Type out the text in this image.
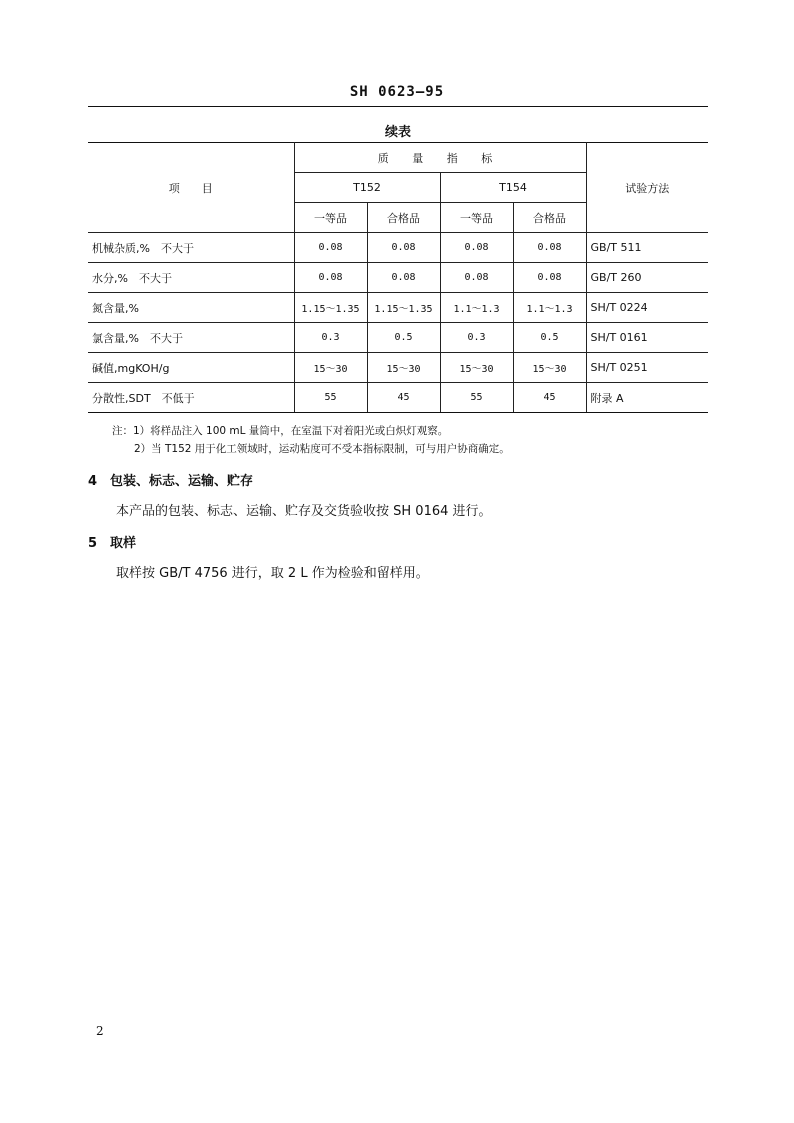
SH 0623—95
续表
项　　目	质 量 指 标				试验方法
	T152		T154		
	一等品	合格品	一等品	合格品	
机械杂质,%　不大于	0.08	0.08	0.08	0.08	GB/T 511
水分,%　不大于	0.08	0.08	0.08	0.08	GB/T 260
氮含量,%	1.15～1.35	1.15～1.35	1.1～1.3	1.1～1.3	SH/T 0224
氯含量,%　不大于	0.3	0.5	0.3	0.5	SH/T 0161
碱值,mgKOH/g	15～30	15～30	15～30	15～30	SH/T 0251
分散性,SDT　不低于	55	45	55	45	附录 A
注：1）将样品注入 100 mL 量筒中，在室温下对着阳光或白炽灯观察。
2）当 T152 用于化工领域时，运动粘度可不受本指标限制，可与用户协商确定。
4 包装、标志、运输、贮存
本产品的包装、标志、运输、贮存及交货验收按 SH 0164 进行。
5 取样
取样按 GB/T 4756 进行，取 2 L 作为检验和留样用。
2
